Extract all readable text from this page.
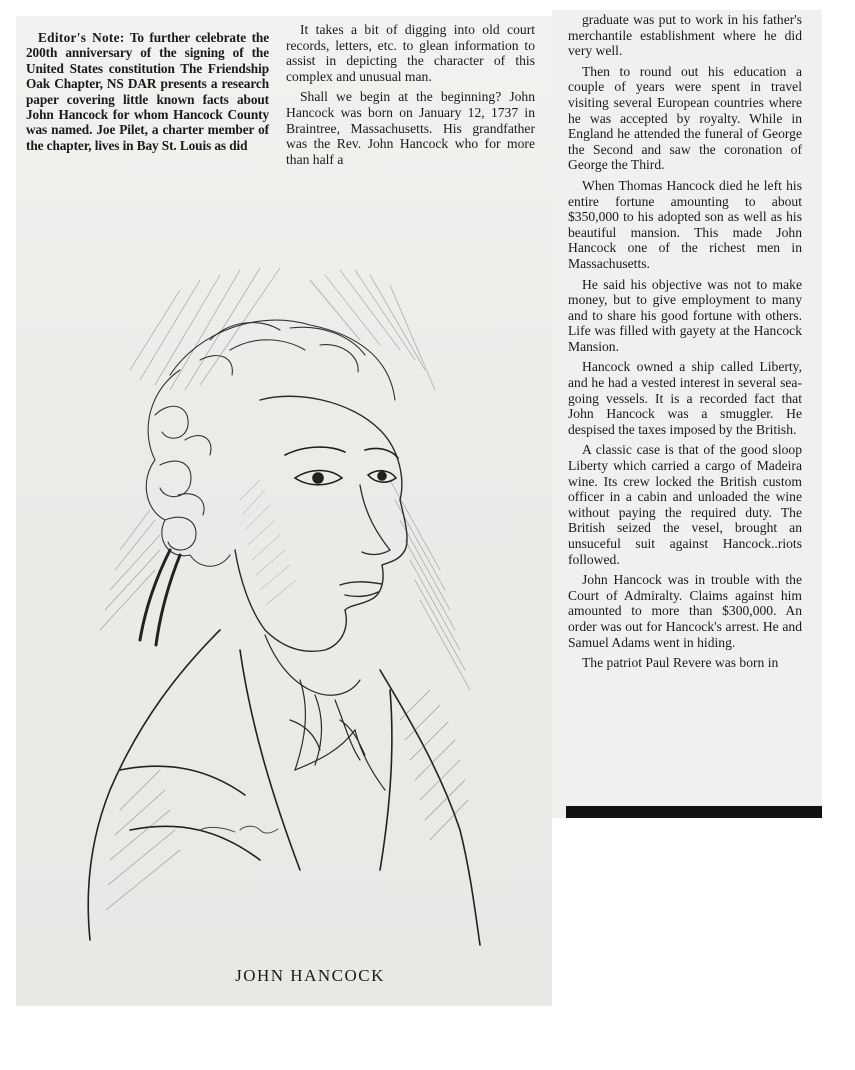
Editor's Note: To further celebrate the 200th anniversary of the signing of the United States constitution The Friendship Oak Chapter, NS DAR presents a research paper covering little known facts about John Hancock for whom Hancock County was named. Joe Pilet, a charter member of the chapter, lives in Bay St. Louis as did

It takes a bit of digging into old court records, letters, etc. to glean information to assist in depicting the character of this complex and unusual man.

Shall we begin at the beginning? John Hancock was born on January 12, 1737 in Braintree, Massachusetts. His grandfather was the Rev. John Hancock who for more than half a

graduate was put to work in his father's merchantile establishment where he did very well.

Then to round out his education a couple of years were spent in travel visiting several European countries where he was accepted by royalty. While in England he attended the funeral of George the Second and saw the coronation of George the Third.

When Thomas Hancock died he left his entire fortune amounting to about $350,000 to his adopted son as well as his beautiful mansion. This made John Hancock one of the richest men in Massachusetts.

He said his objective was not to make money, but to give employment to many and to share his good fortune with others. Life was filled with gayety at the Hancock Mansion.

Hancock owned a ship called Liberty, and he had a vested interest in several sea-going vessels. It is a recorded fact that John Hancock was a smuggler. He despised the taxes imposed by the British.

A classic case is that of the good sloop Liberty which carried a cargo of Madeira wine. Its crew locked the British custom officer in a cabin and unloaded the wine without paying the required duty. The British seized the vesel, brought an unsuceful suit against Hancock..riots followed.

John Hancock was in trouble with the Court of Admiralty. Claims against him amounted to more than $300,000. An order was out for Hancock's arrest. He and Samuel Adams went in hiding.

The patriot Paul Revere was born in

JOHN HANCOCK
